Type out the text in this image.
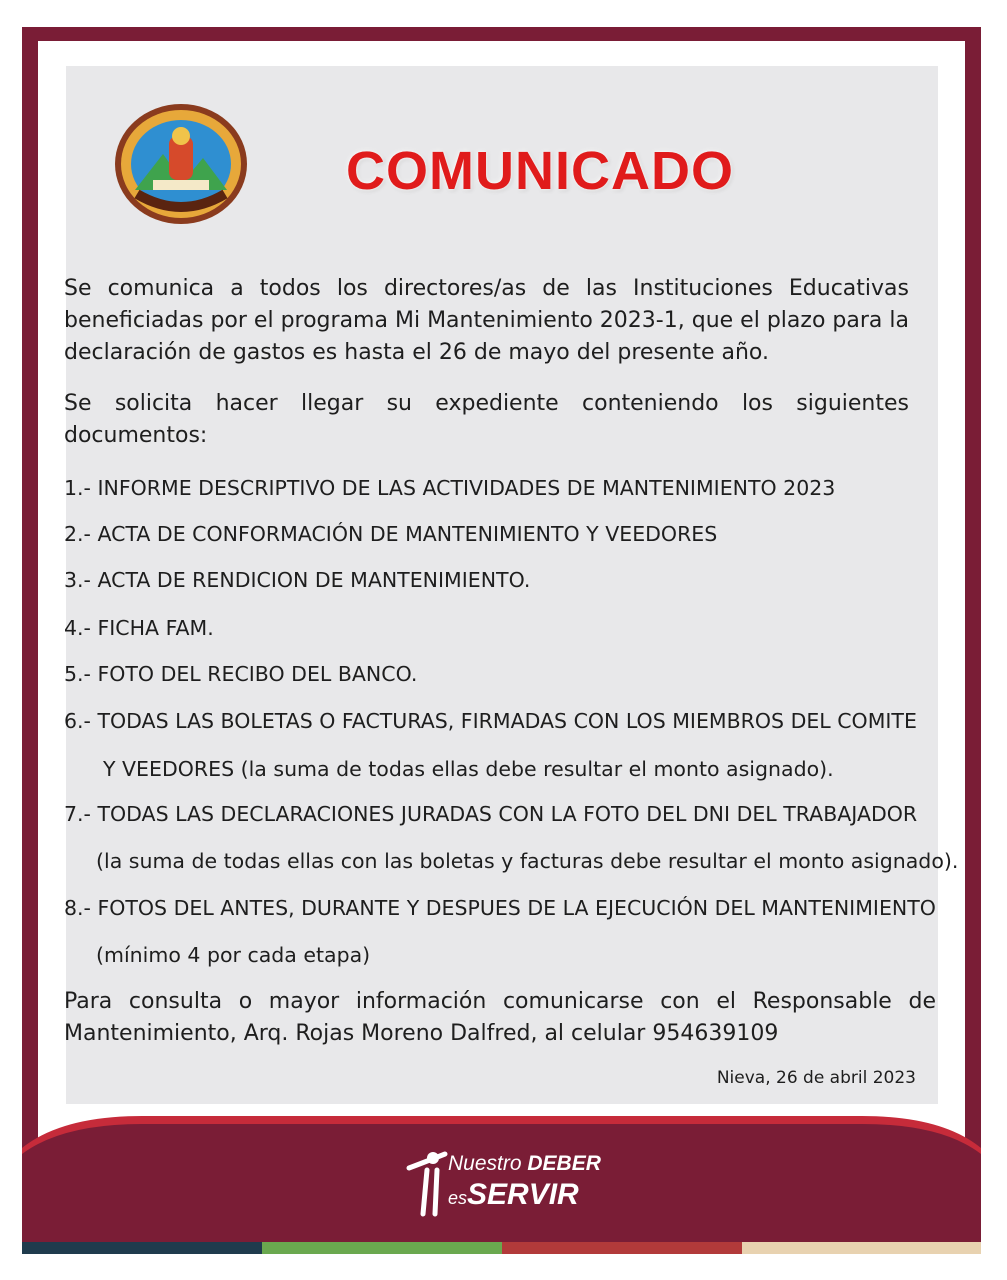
COMUNICADO
Se comunica a todos los directores/as de las Instituciones Educativas beneficiadas por el programa Mi Mantenimiento 2023-1, que el plazo para la declaración de gastos es hasta el 26 de mayo del presente año.
Se solicita hacer llegar su expediente conteniendo los siguientes documentos:
1.- INFORME DESCRIPTIVO DE LAS ACTIVIDADES DE MANTENIMIENTO 2023
2.- ACTA DE CONFORMACIÓN DE MANTENIMIENTO Y VEEDORES
3.- ACTA DE RENDICION DE MANTENIMIENTO.
4.- FICHA FAM.
5.- FOTO DEL RECIBO DEL BANCO.
6.- TODAS LAS BOLETAS O FACTURAS, FIRMADAS CON LOS MIEMBROS DEL COMITE
Y VEEDORES (la suma de todas ellas debe resultar el monto asignado).
7.- TODAS LAS DECLARACIONES JURADAS CON LA FOTO DEL DNI DEL TRABAJADOR
(la suma de todas ellas con las boletas y facturas debe resultar el monto asignado).
8.- FOTOS DEL ANTES, DURANTE Y DESPUES DE LA EJECUCIÓN DEL MANTENIMIENTO
(mínimo 4 por cada etapa)
Para consulta o mayor información comunicarse con el Responsable de Mantenimiento, Arq. Rojas Moreno Dalfred, al celular 954639109
Nieva, 26 de abril 2023
Nuestro DEBER
esSERVIR
